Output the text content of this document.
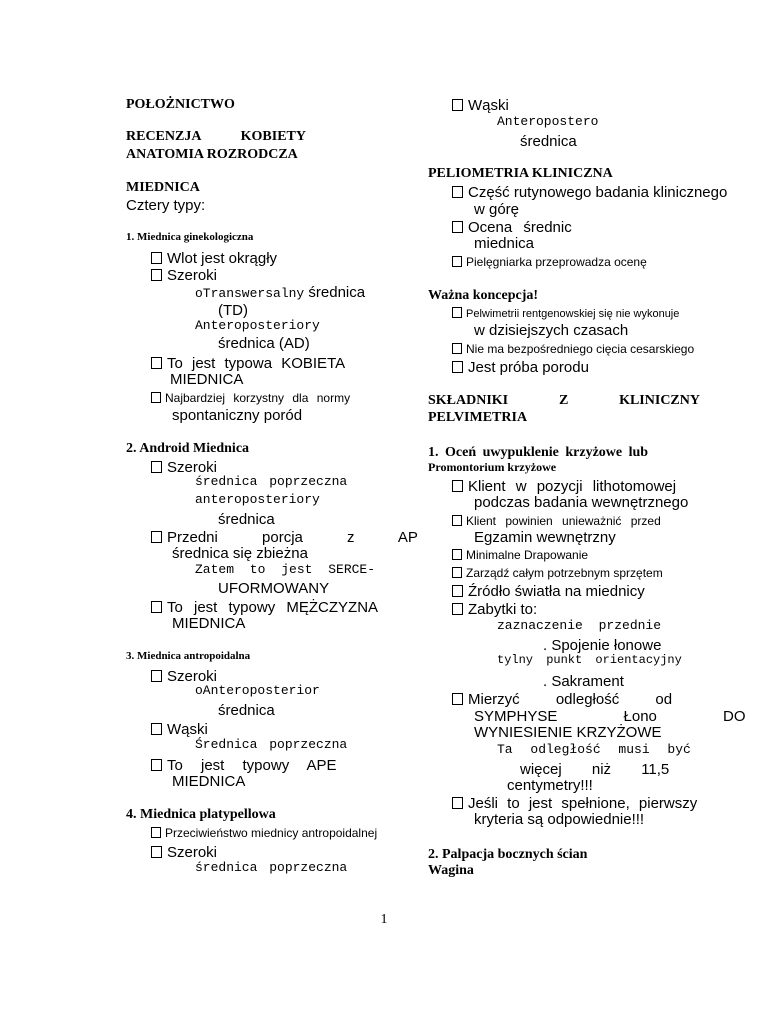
POŁOŻNICTWO
RECENZJA	KOBIETY
ANATOMIA ROZRODCZA
MIEDNICA
Cztery typy:
1. Miednica ginekologiczna
Wlot jest okrągły
Szeroki
oTranswersalny średnica
(TD)
Anteroposteriory
średnica (AD)
To jest typowa KOBIETA
MIEDNICA
Najbardziej korzystny dla normy
spontaniczny poród
2. Android Miednica
Szeroki
średnica poprzeczna
anteroposteriory
średnica
Przedni porcja z AP
średnica się zbieżna
Zatem to jest SERCE-
UFORMOWANY
To jest typowy MĘŻCZYZNA
MIEDNICA
3. Miednica antropoidalna
Szeroki
oAnteroposterior
średnica
Wąski
Średnica poprzeczna
To jest typowy APE
MIEDNICA
4. Miednica platypellowa
Przeciwieństwo miednicy antropoidalnej
Szeroki
średnica poprzeczna
Wąski
Anteropostero
średnica
PELIOMETRIA KLINICZNA
Część rutynowego badania klinicznego
w górę
Ocena średnic
miednica
Pielęgniarka przeprowadza ocenę
Ważna koncepcja!
Pelwimetrii rentgenowskiej się nie wykonuje
w dzisiejszych czasach
Nie ma bezpośredniego cięcia cesarskiego
Jest próba porodu
SKŁADNIKI	Z	KLINICZNY
PELVIMETRIA
1. Oceń uwypuklenie krzyżowe lub
Promontorium krzyżowe
Klient w pozycji lithotomowej
podczas badania wewnętrznego
Klient powinien unieważnić przed
Egzamin wewnętrzny
Minimalne Drapowanie
Zarządź całym potrzebnym sprzętem
Źródło światła na miednicy
Zabytki to:
zaznaczenie przednie
. Spojenie łonowe
tylny punkt orientacyjny
. Sakrament
Mierzyć odległość od
SYMPHYSE Łono DO
WYNIESIENIE KRZYŻOWE
Ta odległość musi być
więcej niż 11,5
centymetry!!!
Jeśli to jest spełnione, pierwszy
kryteria są odpowiednie!!!
2. Palpacja bocznych ścian
Wagina
1
